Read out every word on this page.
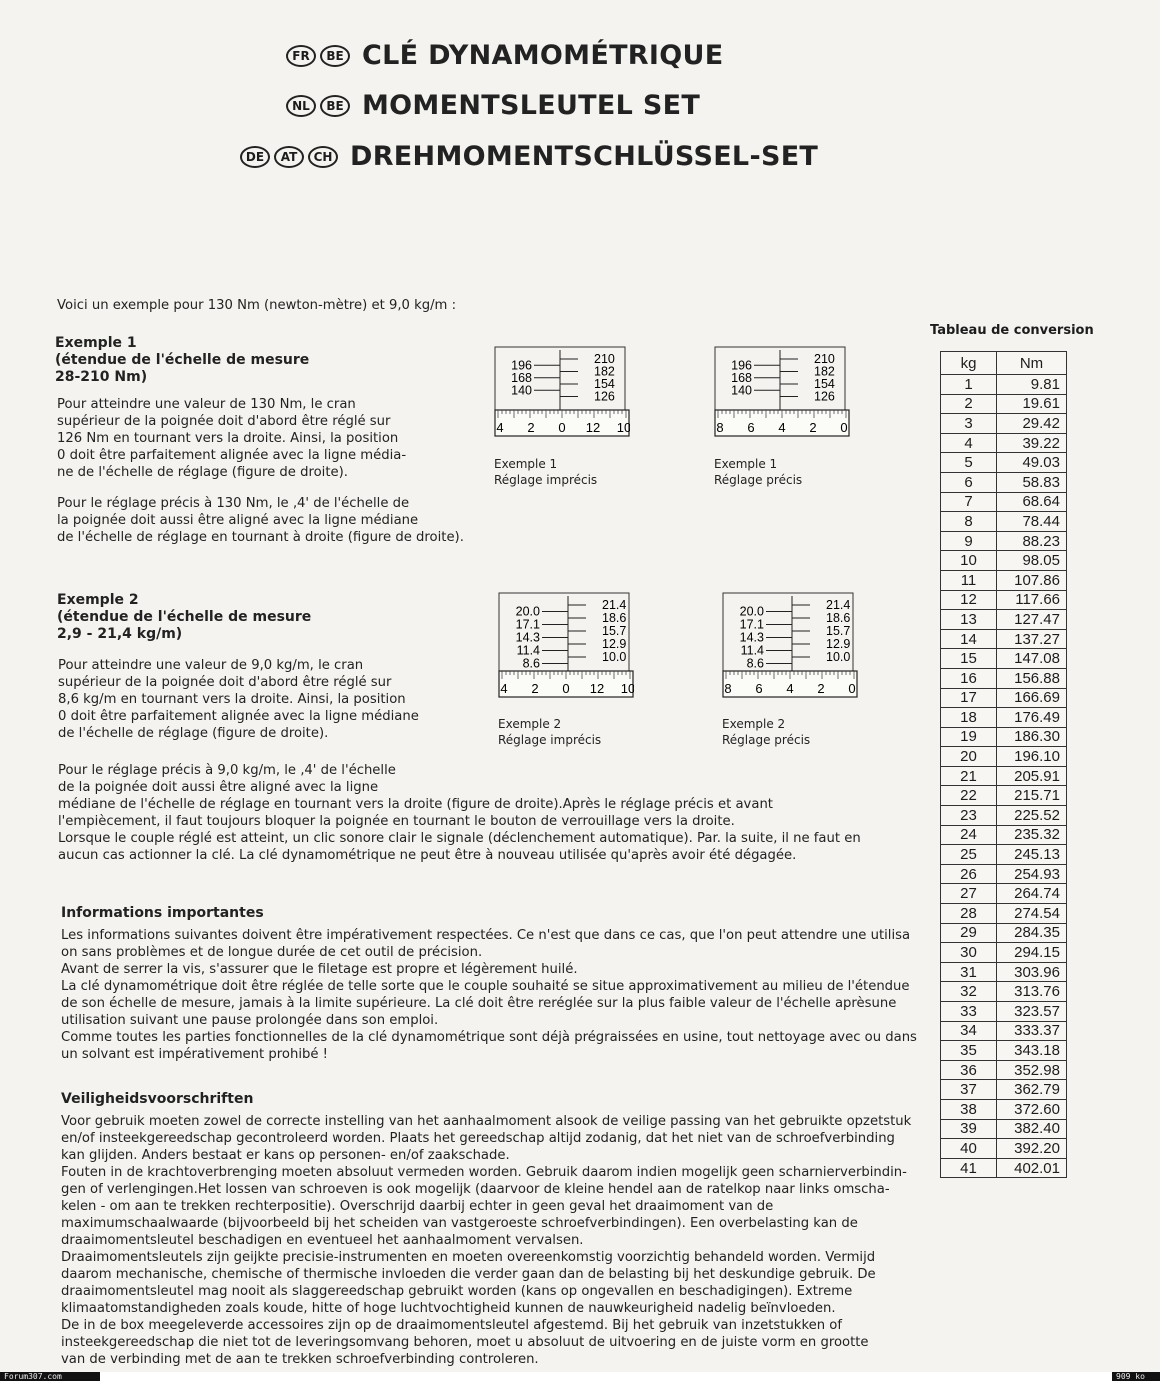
FR	BE CLÉ DYNAMOMÉTRIQUE
NL	BE MOMENTSLEUTEL SET
DE	AT	CH DREHMOMENTSCHLÜSSEL-SET
Voici un exemple pour 130 Nm (newton-mètre) et 9,0 kg/m :
Exemple 1
(étendue de l'échelle de mesure
28-210 Nm)
Pour atteindre une valeur de 130 Nm, le cran
supérieur de la poignée doit d'abord être réglé sur
126 Nm en tournant vers la droite. Ainsi, la position
0 doit être parfaitement alignée avec la ligne média-
ne de l'échelle de réglage (figure de droite).
Pour le réglage précis à 130 Nm, le ‚4' de l'échelle de
la poignée doit aussi être aligné avec la ligne médiane
de l'échelle de réglage en tournant à droite (figure de droite).
Exemple 2
(étendue de l'échelle de mesure
2,9 - 21,4 kg/m)
Pour atteindre une valeur de 9,0 kg/m, le cran
supérieur de la poignée doit d'abord être réglé sur
8,6 kg/m en tournant vers la droite. Ainsi, la position
0 doit être parfaitement alignée avec la ligne médiane
de l'échelle de réglage (figure de droite).
Pour le réglage précis à 9,0 kg/m, le ‚4' de l'échelle
de la poignée doit aussi être aligné avec la ligne
médiane de l'échelle de réglage en tournant vers la droite (figure de droite).Après le réglage précis et avant
l'empiècement, il faut toujours bloquer la poignée en tournant le bouton de verrouillage vers la droite.
Lorsque le couple réglé est atteint, un clic sonore clair le signale (déclenchement automatique). Par. la suite, il ne faut en
aucun cas actionner la clé. La clé dynamométrique ne peut être à nouveau utilisée qu'après avoir été dégagée.
210
182
154
126
196
168
140
4 2 0 12 10
Exemple 1
Réglage imprécis
210
182
154
126
196
168
140
8 6 4 2 0
Exemple 1
Réglage précis
21.4
18.6
15.7
12.9
10.0
20.0
17.1
14.3
11.4
8.6
4 2 0 12 10
Exemple 2
Réglage imprécis
21.4
18.6
15.7
12.9
10.0
20.0
17.1
14.3
11.4
8.6
8 6 4 2 0
Exemple 2
Réglage précis
Informations importantes
Les informations suivantes doivent être impérativement respectées. Ce n'est que dans ce cas, que l'on peut attendre une utilisa
on sans problèmes et de longue durée de cet outil de précision.
Avant de serrer la vis, s'assurer que le filetage est propre et légèrement huilé.
La clé dynamométrique doit être réglée de telle sorte que le couple souhaité se situe approximativement au milieu de l'étendue
de son échelle de mesure, jamais à la limite supérieure. La clé doit être reréglée sur la plus faible valeur de l'échelle aprèsune
utilisation suivant une pause prolongée dans son emploi.
Comme toutes les parties fonctionnelles de la clé dynamométrique sont déjà prégraissées en usine, tout nettoyage avec ou dans
un solvant est impérativement prohibé !
Veiligheidsvoorschriften
Voor gebruik moeten zowel de correcte instelling van het aanhaalmoment alsook de veilige passing van het gebruikte opzetstuk
en/of insteekgereedschap gecontroleerd worden. Plaats het gereedschap altijd zodanig, dat het niet van de schroefverbinding
kan glijden. Anders bestaat er kans op personen- en/of zaakschade.
Fouten in de krachtoverbrenging moeten absoluut vermeden worden. Gebruik daarom indien mogelijk geen scharnierverbindin-
gen of verlengingen.Het lossen van schroeven is ook mogelijk (daarvoor de kleine hendel aan de ratelkop naar links omscha-
kelen - om aan te trekken rechterpositie). Overschrijd daarbij echter in geen geval het draaimoment van de
maximumschaalwaarde (bijvoorbeeld bij het scheiden van vastgeroeste schroefverbindingen). Een overbelasting kan de
draaimomentsleutel beschadigen en eventueel het aanhaalmoment vervalsen.
Draaimomentsleutels zijn geijkte precisie-instrumenten en moeten overeenkomstig voorzichtig behandeld worden. Vermijd
daarom mechanische, chemische of thermische invloeden die verder gaan dan de belasting bij het deskundige gebruik. De
draaimomentsleutel mag nooit als slaggereedschap gebruikt worden (kans op ongevallen en beschadigingen). Extreme
klimaatomstandigheden zoals koude, hitte of hoge luchtvochtigheid kunnen de nauwkeurigheid nadelig beïnvloeden.
De in de box meegeleverde accessoires zijn op de draaimomentsleutel afgestemd. Bij het gebruik van inzetstukken of
insteekgereedschap die niet tot de leveringsomvang behoren, moet u absoluut de uitvoering en de juiste vorm en grootte
van de verbinding met de aan te trekken schroefverbinding controleren.
Tableau de conversion
kg	Nm
1	9.81
2	19.61
3	29.42
4	39.22
5	49.03
6	58.83
7	68.64
8	78.44
9	88.23
10	98.05
11	107.86
12	117.66
13	127.47
14	137.27
15	147.08
16	156.88
17	166.69
18	176.49
19	186.30
20	196.10
21	205.91
22	215.71
23	225.52
24	235.32
25	245.13
26	254.93
27	264.74
28	274.54
29	284.35
30	294.15
31	303.96
32	313.76
33	323.57
34	333.37
35	343.18
36	352.98
37	362.79
38	372.60
39	382.40
40	392.20
41	402.01
Forum307.com	909 ko
